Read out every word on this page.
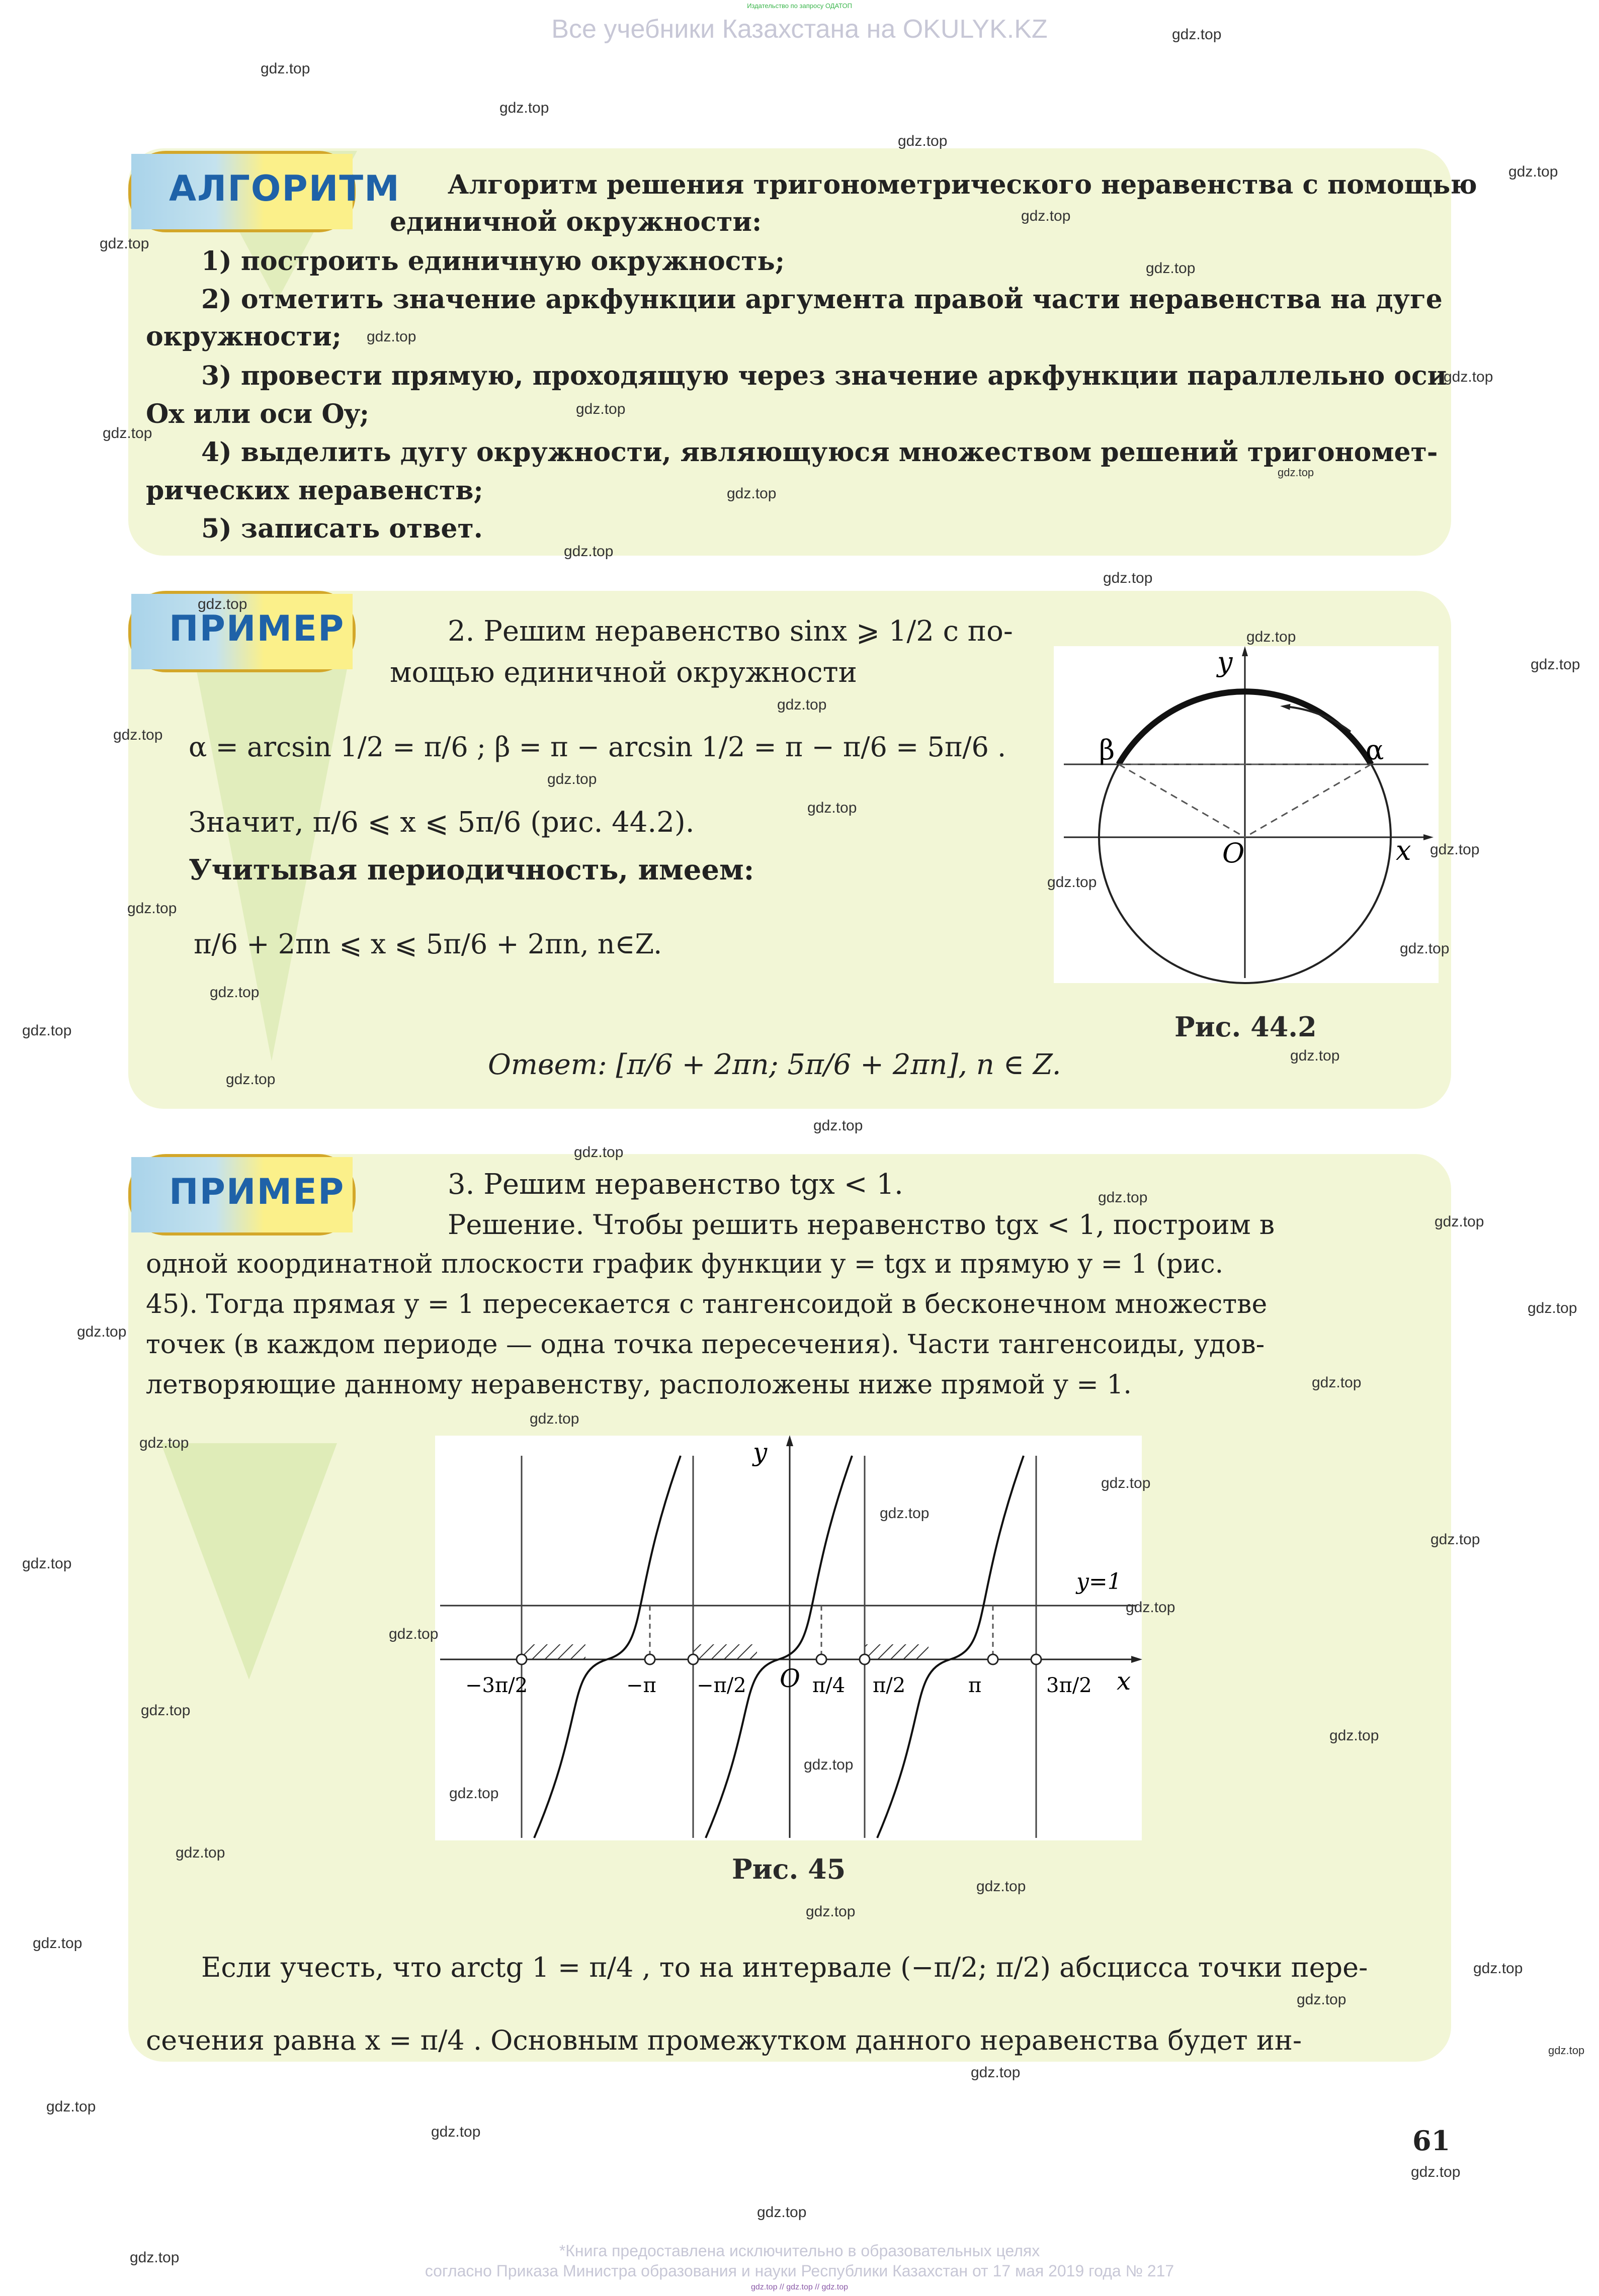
Издательство по запросу ОДАТОП
Все учебники Казахстана на OKULYK.KZ
АЛГОРИТМ Алгоритм решения тригонометрического неравенства с помощью
единичной окружности:
1) построить единичную окружность;
2) отметить значение аркфункции аргумента правой части неравенства на дуге
окружности;
3) провести прямую, проходящую через значение аркфункции параллельно оси
Ox или оси Oy;
4) выделить дугу окружности, являющуюся множеством решений тригономет-
рических неравенств;
5) записать ответ.
ПРИМЕР	2. Решим неравенство sinx ⩾ 1/2 с по-
мощью единичной окружности
α = arcsin 1/2 = π/6 ; β = π − arcsin 1/2 = π − π/6 = 5π/6 .
Значит, π/6 ⩽ x ⩽ 5π/6 (рис. 44.2).
Учитывая периодичность, имеем:
π/6 + 2πn ⩽ x ⩽ 5π/6 + 2πn, n∈Z.
Ответ: [π/6 + 2πn; 5π/6 + 2πn], n ∈ Z.
y
x
O
α
β
Рис. 44.2
ПРИМЕР	3. Решим неравенство tgx < 1.
Решение. Чтобы решить неравенство tgx < 1, построим в
одной координатной плоскости график функции y = tgx и прямую y = 1 (рис.
45). Тогда прямая y = 1 пересекается с тангенсоидой в бесконечном множестве
точек (в каждом периоде — одна точка пересечения). Части тангенсоиды, удов-
летворяющие данному неравенству, расположены ниже прямой y = 1.
y
x
O
y=1
−3π/2	−π −π/2	π/4 π/2	π	3π/2
Рис. 45
Если учесть, что arctg 1 = π/4 , то на интервале (−π/2; π/2) абсцисса точки пере-
сечения равна x = π/4 . Основным промежутком данного неравенства будет ин-
61
*Книга предоставлена исключительно в образовательных целях
согласно Приказа Министра образования и науки Республики Казахстан от 17 мая 2019 года № 217
gdz.top // gdz.top // gdz.top
gdz.top
gdz.top
gdz.top
gdz.top
gdz.top
gdz.top
gdz.top
gdz.top
gdz.top
gdz.top
gdz.top
gdz.top
gdz.top
gdz.top
gdz.top
gdz.top
gdz.top
gdz.top
gdz.top
gdz.top
gdz.top
gdz.top
gdz.top
gdz.top
gdz.top
gdz.top
gdz.top
gdz.top
gdz.top
gdz.top
gdz.top
gdz.top
gdz.top
gdz.top
gdz.top
gdz.top
gdz.top
gdz.top
gdz.top
gdz.top
gdz.top
gdz.top
gdz.top
gdz.top
gdz.top
gdz.top
gdz.top
gdz.top
gdz.top
gdz.top
gdz.top
gdz.top
gdz.top
gdz.top
gdz.top
gdz.top
gdz.top
gdz.top
gdz.top
gdz.top
gdz.top
gdz.top
gdz.top
